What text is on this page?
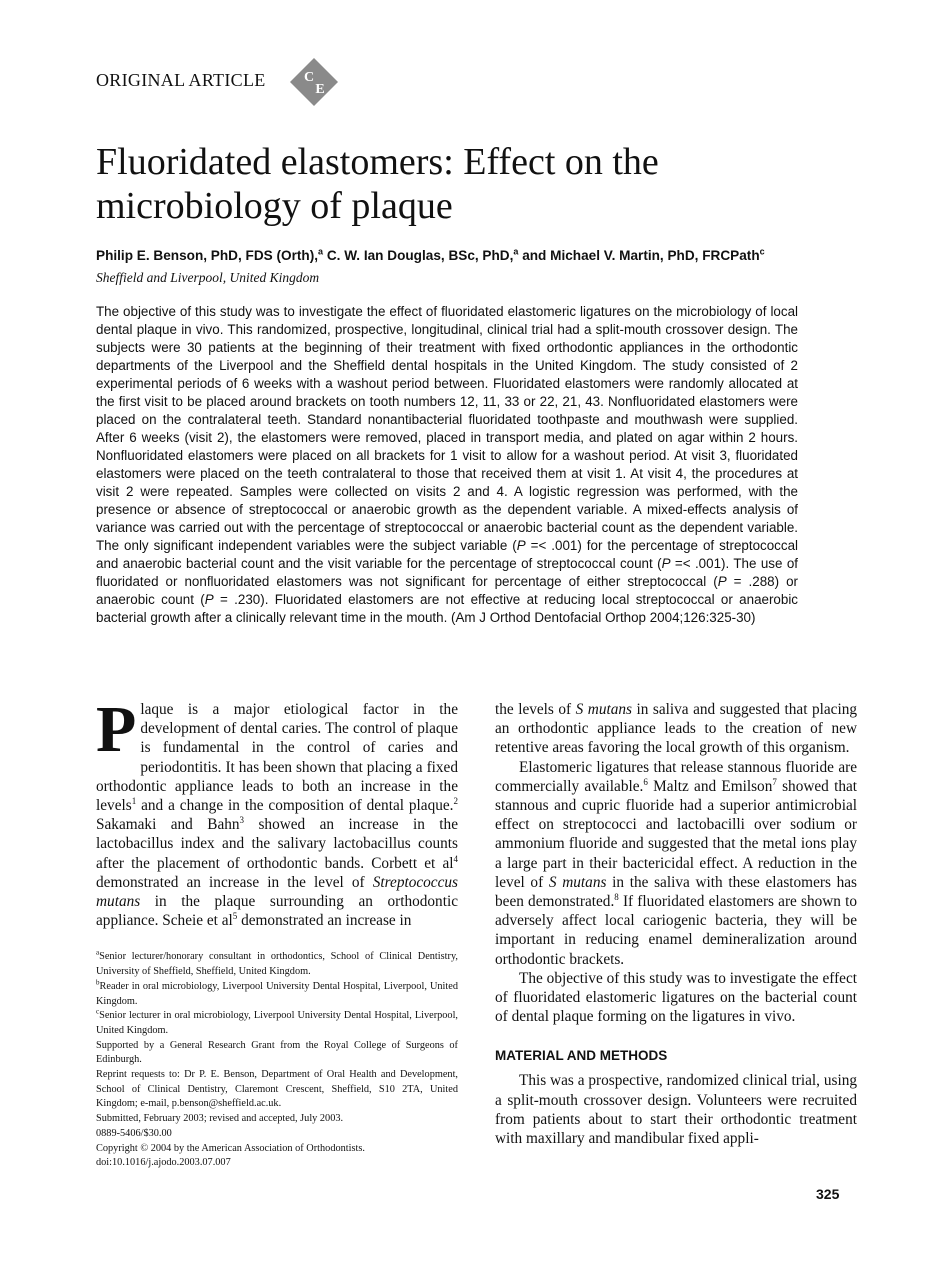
ORIGINAL ARTICLE	C
E
Fluoridated elastomers: Effect on the
microbiology of plaque
Philip E. Benson, PhD, FDS (Orth),$^a$ C. W. Ian Douglas, BSc, PhD,$^a$ and Michael V. Martin, PhD, FRCPath$^c$
Sheffield and Liverpool, United Kingdom

The objective of this study was to investigate the effect of fluoridated elastomeric ligatures on the microbiology of local dental plaque in vivo. This randomized, prospective, longitudinal, clinical trial had a split-mouth crossover design. The subjects were 30 patients at the beginning of their treatment with fixed orthodontic appliances in the orthodontic departments of the Liverpool and the Sheffield dental hospitals in the United Kingdom. The study consisted of 2 experimental periods of 6 weeks with a washout period between. Fluoridated elastomers were randomly allocated at the first visit to be placed around brackets on tooth numbers 12, 11, 33 or 22, 21, 43. Nonfluoridated elastomers were placed on the contralateral teeth. Standard nonantibacterial fluoridated toothpaste and mouthwash were supplied. After 6 weeks (visit 2), the elastomers were removed, placed in transport media, and plated on agar within 2 hours. Nonfluoridated elastomers were placed on all brackets for 1 visit to allow for a washout period. At visit 3, fluoridated elastomers were placed on the teeth contralateral to those that received them at visit 1. At visit 4, the procedures at visit 2 were repeated. Samples were collected on visits 2 and 4. A logistic regression was performed, with the presence or absence of streptococcal or anaerobic growth as the dependent variable. A mixed-effects analysis of variance was carried out with the percentage of streptococcal or anaerobic bacterial count as the dependent variable. The only significant independent variables were the subject variable (P =< .001) for the percentage of streptococcal and anaerobic bacterial count and the visit variable for the percentage of streptococcal count (P =< .001). The use of fluoridated or nonfluoridated elastomers was not significant for percentage of either streptococcal (P = .288) or anaerobic count (P = .230). Fluoridated elastomers are not effective at reducing local streptococcal or anaerobic bacterial growth after a clinically relevant time in the mouth. (Am J Orthod Dentofacial Orthop 2004;126:325-30)

Plaque is a major etiological factor in the development of dental caries. The control of plaque is fundamental in the control of caries and periodontitis. It has been shown that placing a fixed orthodontic appliance leads to both an increase in the levels$^1$ and a change in the composition of dental plaque.$^2$ Sakamaki and Bahn$^3$ showed an increase in the lactobacillus index and the salivary lactobacillus counts after the placement of orthodontic bands. Corbett et $al^4$ demonstrated an increase in the level of Streptococcus mutans in the plaque surrounding an orthodontic appliance. Scheie et $al^5$ demonstrated an increase in

$^a$Senior lecturer/honorary consultant in orthodontics, School of Clinical Dentistry, University of Sheffield, Sheffield, United Kingdom.

$^b$Reader in oral microbiology, Liverpool University Dental Hospital, Liverpool, United Kingdom.

$^c$Senior lecturer in oral microbiology, Liverpool University Dental Hospital, Liverpool, United Kingdom.

Supported by a General Research Grant from the Royal College of Surgeons of Edinburgh.

Reprint requests to: Dr P. E. Benson, Department of Oral Health and Development, School of Clinical Dentistry, Claremont Crescent, Sheffield, S10 2TA, United Kingdom; e-mail, p.benson@sheffield.ac.uk.

Submitted, February 2003; revised and accepted, July 2003.

0889-5406/$30.00

Copyright © 2004 by the American Association of Orthodontists.

doi:10.1016/j.ajodo.2003.07.007

the levels of S mutans in saliva and suggested that placing an orthodontic appliance leads to the creation of new retentive areas favoring the local growth of this organism.

Elastomeric ligatures that release stannous fluoride are commercially available.$^6$ Maltz and Emilson$^7$ showed that stannous and cupric fluoride had a superior antimicrobial effect on streptococci and lactobacilli over sodium or ammonium fluoride and suggested that the metal ions play a large part in their bactericidal effect. A reduction in the level of S mutans in the saliva with these elastomers has been demonstrated.$^8$ If fluoridated elastomers are shown to adversely affect local cariogenic bacteria, they will be important in reducing enamel demineralization around orthodontic brackets.

The objective of this study was to investigate the effect of fluoridated elastomeric ligatures on the bacterial count of dental plaque forming on the ligatures in vivo.

MATERIAL AND METHODS

This was a prospective, randomized clinical trial, using a split-mouth crossover design. Volunteers were recruited from patients about to start their orthodontic treatment with maxillary and mandibular fixed appli-

325
